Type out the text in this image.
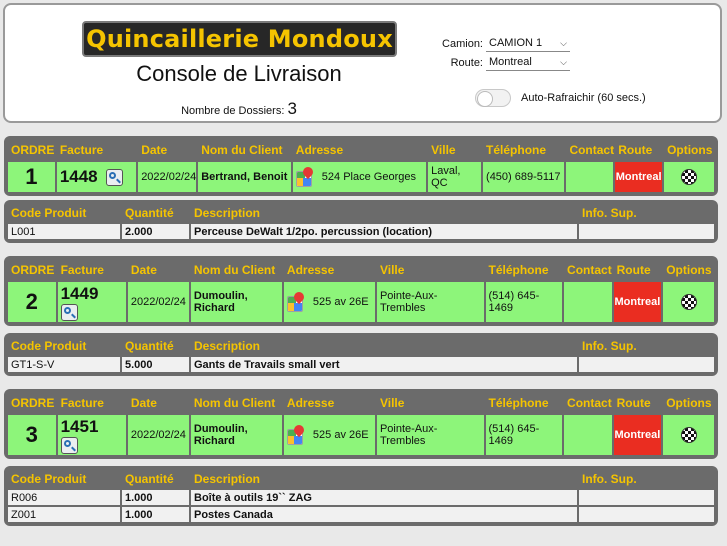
Quincaillerie Mondoux
Console de Livraison
Nombre de Dossiers: 3
Camion: CAMION 1 ⌵
Route: Montreal	⌵
Auto-Rafraichir (60 secs.)
ORDRE	Facture	Date	Nom du Client	Adresse	Ville	Téléphone	Contact	Route	Options
1	1448	2022/02/24	Bertrand, Benoit	524 Place Georges	Laval, QC	(450) 689-5117		Montreal	
Code Produit	Quantité	Description	Info. Sup.
L001	2.000	Perceuse DeWalt 1/2po. percussion (location)	
ORDRE	Facture	Date	Nom du Client	Adresse	Ville	Téléphone	Contact	Route	Options
2	1449	2022/02/24	Dumoulin, Richard	525 av 26E	Pointe-Aux-Trembles	(514) 645-1469		Montreal	
Code Produit	Quantité	Description	Info. Sup.
GT1-S-V	5.000	Gants de Travails small vert	
ORDRE	Facture	Date	Nom du Client	Adresse	Ville	Téléphone	Contact	Route	Options
3	1451	2022/02/24	Dumoulin, Richard	525 av 26E	Pointe-Aux-Trembles	(514) 645-1469		Montreal	
Code Produit	Quantité	Description	Info. Sup.
R006	1.000	Boîte à outils 19`` ZAG	
Z001	1.000	Postes Canada	
